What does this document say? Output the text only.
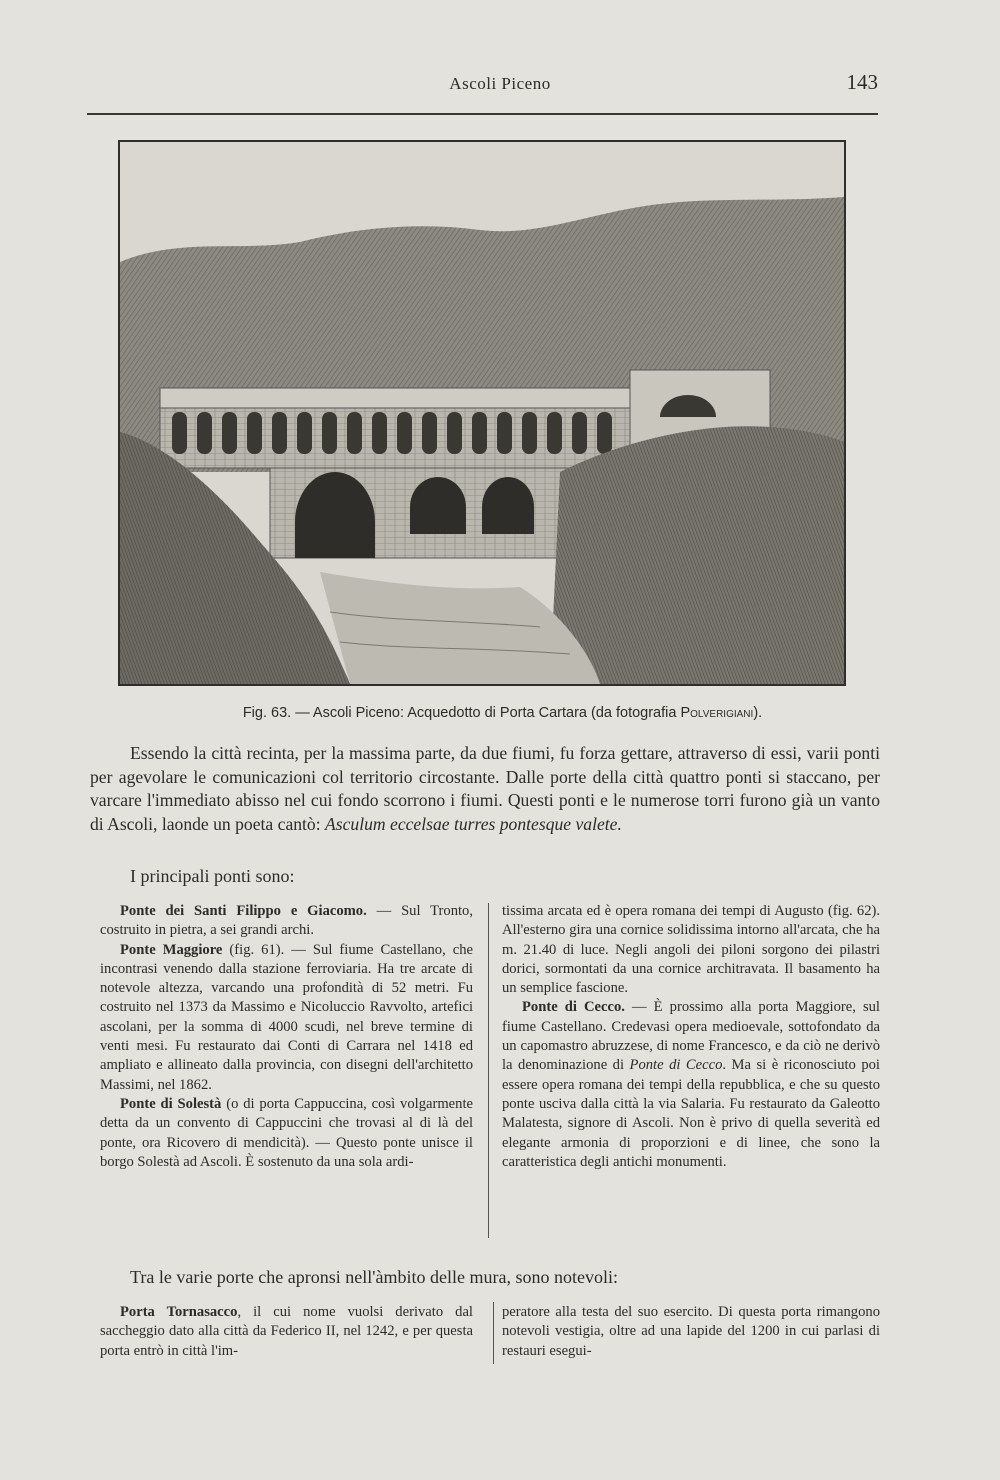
Ascoli Piceno	143
Fig. 63. — Ascoli Piceno: Acquedotto di Porta Cartara (da fotografia Polverigiani).

Essendo la città recinta, per la massima parte, da due fiumi, fu forza gettare, attraverso di essi, varii ponti per agevolare le comunicazioni col territorio circostante. Dalle porte della città quattro ponti si staccano, per varcare l'immediato abisso nel cui fondo scorrono i fiumi. Questi ponti e le numerose torri furono già un vanto di Ascoli, laonde un poeta cantò: Asculum eccelsae turres pontesque valete.

I principali ponti sono:

Ponte dei Santi Filippo e Giacomo. — Sul Tronto, costruito in pietra, a sei grandi archi.

Ponte Maggiore (fig. 61). — Sul fiume Castellano, che incontrasi venendo dalla stazione ferroviaria. Ha tre arcate di notevole altezza, varcando una profondità di 52 metri. Fu costruito nel 1373 da Massimo e Nicoluccio Ravvolto, artefici ascolani, per la somma di 4000 scudi, nel breve termine di venti mesi. Fu restaurato dai Conti di Carrara nel 1418 ed ampliato e allineato dalla provincia, con disegni dell'architetto Massimi, nel 1862.

Ponte di Solestà (o di porta Cappuccina, così volgarmente detta da un convento di Cappuccini che trovasi al di là del ponte, ora Ricovero di mendicità). — Questo ponte unisce il borgo Solestà ad Ascoli. È sostenuto da una sola ardi-

tissima arcata ed è opera romana dei tempi di Augusto (fig. 62). All'esterno gira una cornice solidissima intorno all'arcata, che ha m. 21.40 di luce. Negli angoli dei piloni sorgono dei pilastri dorici, sormontati da una cornice architravata. Il basamento ha un semplice fascione.

Ponte di Cecco. — È prossimo alla porta Maggiore, sul fiume Castellano. Credevasi opera medioevale, sottofondato da un capomastro abruzzese, di nome Francesco, e da ciò ne derivò la denominazione di Ponte di Cecco. Ma si è riconosciuto poi essere opera romana dei tempi della repubblica, e che su questo ponte usciva dalla città la via Salaria. Fu restaurato da Galeotto Malatesta, signore di Ascoli. Non è privo di quella severità ed elegante armonia di proporzioni e di linee, che sono la caratteristica degli antichi monumenti.

Tra le varie porte che apronsi nell'àmbito delle mura, sono notevoli:

Porta Tornasacco, il cui nome vuolsi derivato dal saccheggio dato alla città da Federico II, nel 1242, e per questa porta entrò in città l'im-

peratore alla testa del suo esercito. Di questa porta rimangono notevoli vestigia, oltre ad una lapide del 1200 in cui parlasi di restauri esegui-
